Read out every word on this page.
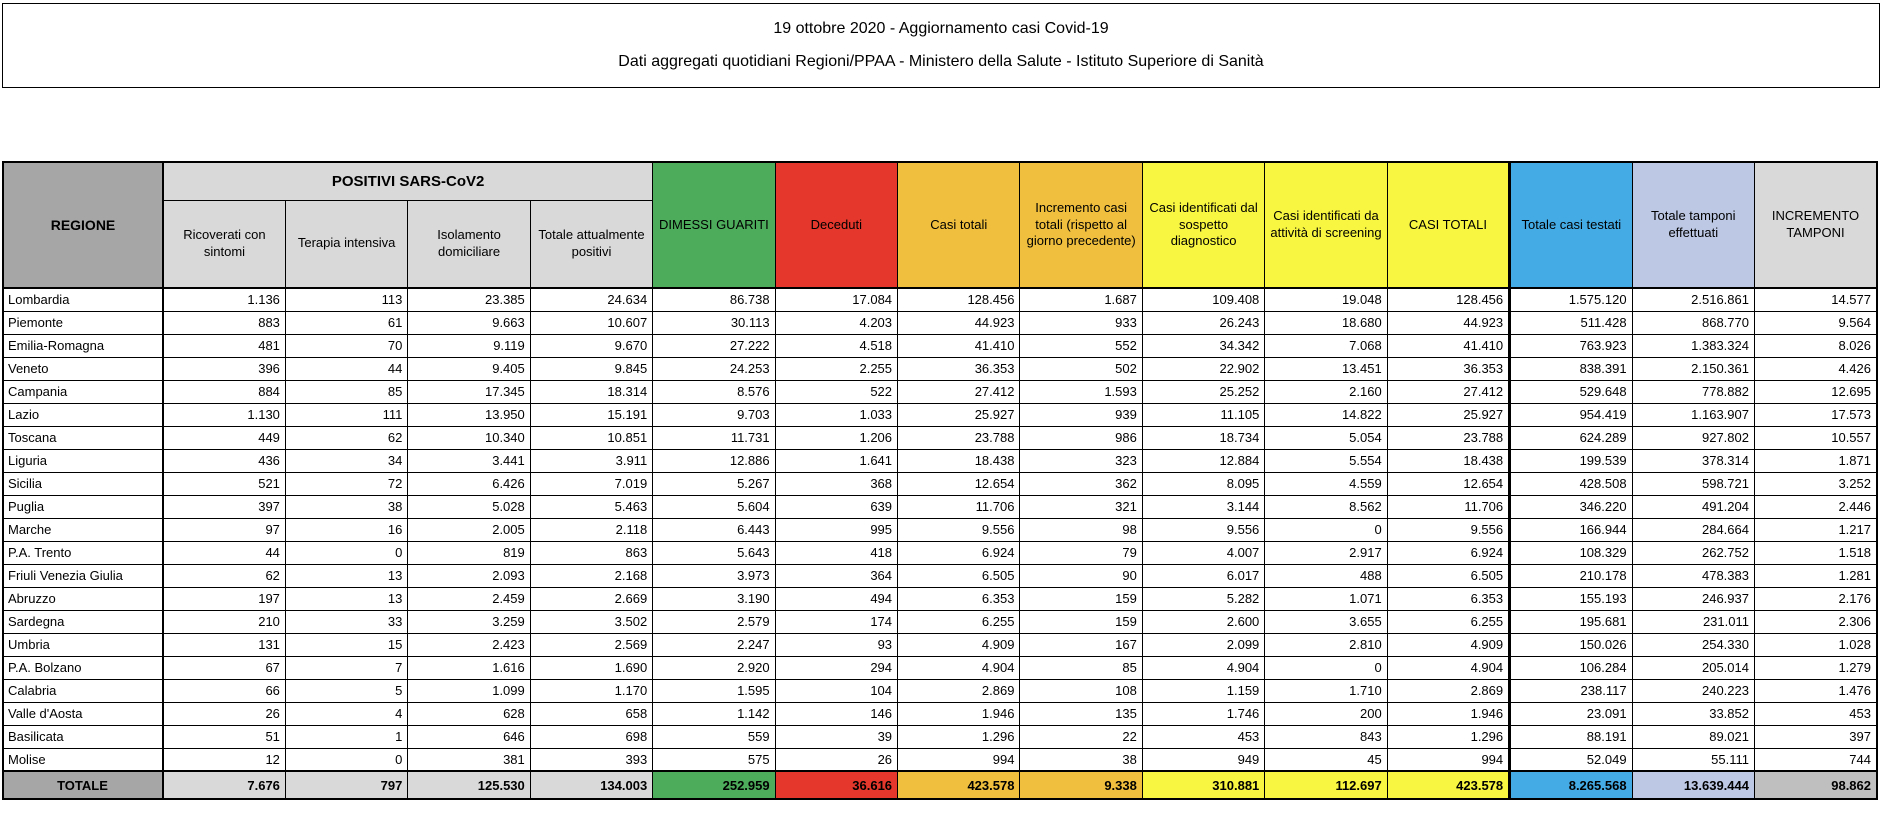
19 ottobre 2020 - Aggiornamento casi Covid-19
Dati aggregati quotidiani Regioni/PPAA - Ministero della Salute - Istituto Superiore di Sanità
REGIONE	POSITIVI SARS-CoV2				DIMESSI GUARITI	Deceduti	Casi totali	Incremento casi totali (rispetto al giorno precedente)	Casi identificati dal sospetto diagnostico	Casi identificati da attività di screening	CASI TOTALI	Totale casi testati	Totale tamponi effettuati	INCREMENTO TAMPONI
	Ricoverati con sintomi	Terapia intensiva	Isolamento domiciliare	Totale attualmente positivi										
Lombardia	1.136	113	23.385	24.634	86.738	17.084	128.456	1.687	109.408	19.048	128.456	1.575.120	2.516.861	14.577
Piemonte	883	61	9.663	10.607	30.113	4.203	44.923	933	26.243	18.680	44.923	511.428	868.770	9.564
Emilia-Romagna	481	70	9.119	9.670	27.222	4.518	41.410	552	34.342	7.068	41.410	763.923	1.383.324	8.026
Veneto	396	44	9.405	9.845	24.253	2.255	36.353	502	22.902	13.451	36.353	838.391	2.150.361	4.426
Campania	884	85	17.345	18.314	8.576	522	27.412	1.593	25.252	2.160	27.412	529.648	778.882	12.695
Lazio	1.130	111	13.950	15.191	9.703	1.033	25.927	939	11.105	14.822	25.927	954.419	1.163.907	17.573
Toscana	449	62	10.340	10.851	11.731	1.206	23.788	986	18.734	5.054	23.788	624.289	927.802	10.557
Liguria	436	34	3.441	3.911	12.886	1.641	18.438	323	12.884	5.554	18.438	199.539	378.314	1.871
Sicilia	521	72	6.426	7.019	5.267	368	12.654	362	8.095	4.559	12.654	428.508	598.721	3.252
Puglia	397	38	5.028	5.463	5.604	639	11.706	321	3.144	8.562	11.706	346.220	491.204	2.446
Marche	97	16	2.005	2.118	6.443	995	9.556	98	9.556	0	9.556	166.944	284.664	1.217
P.A. Trento	44	0	819	863	5.643	418	6.924	79	4.007	2.917	6.924	108.329	262.752	1.518
Friuli Venezia Giulia	62	13	2.093	2.168	3.973	364	6.505	90	6.017	488	6.505	210.178	478.383	1.281
Abruzzo	197	13	2.459	2.669	3.190	494	6.353	159	5.282	1.071	6.353	155.193	246.937	2.176
Sardegna	210	33	3.259	3.502	2.579	174	6.255	159	2.600	3.655	6.255	195.681	231.011	2.306
Umbria	131	15	2.423	2.569	2.247	93	4.909	167	2.099	2.810	4.909	150.026	254.330	1.028
P.A. Bolzano	67	7	1.616	1.690	2.920	294	4.904	85	4.904	0	4.904	106.284	205.014	1.279
Calabria	66	5	1.099	1.170	1.595	104	2.869	108	1.159	1.710	2.869	238.117	240.223	1.476
Valle d'Aosta	26	4	628	658	1.142	146	1.946	135	1.746	200	1.946	23.091	33.852	453
Basilicata	51	1	646	698	559	39	1.296	22	453	843	1.296	88.191	89.021	397
Molise	12	0	381	393	575	26	994	38	949	45	994	52.049	55.111	744
TOTALE	7.676	797	125.530	134.003	252.959	36.616	423.578	9.338	310.881	112.697	423.578	8.265.568	13.639.444	98.862
